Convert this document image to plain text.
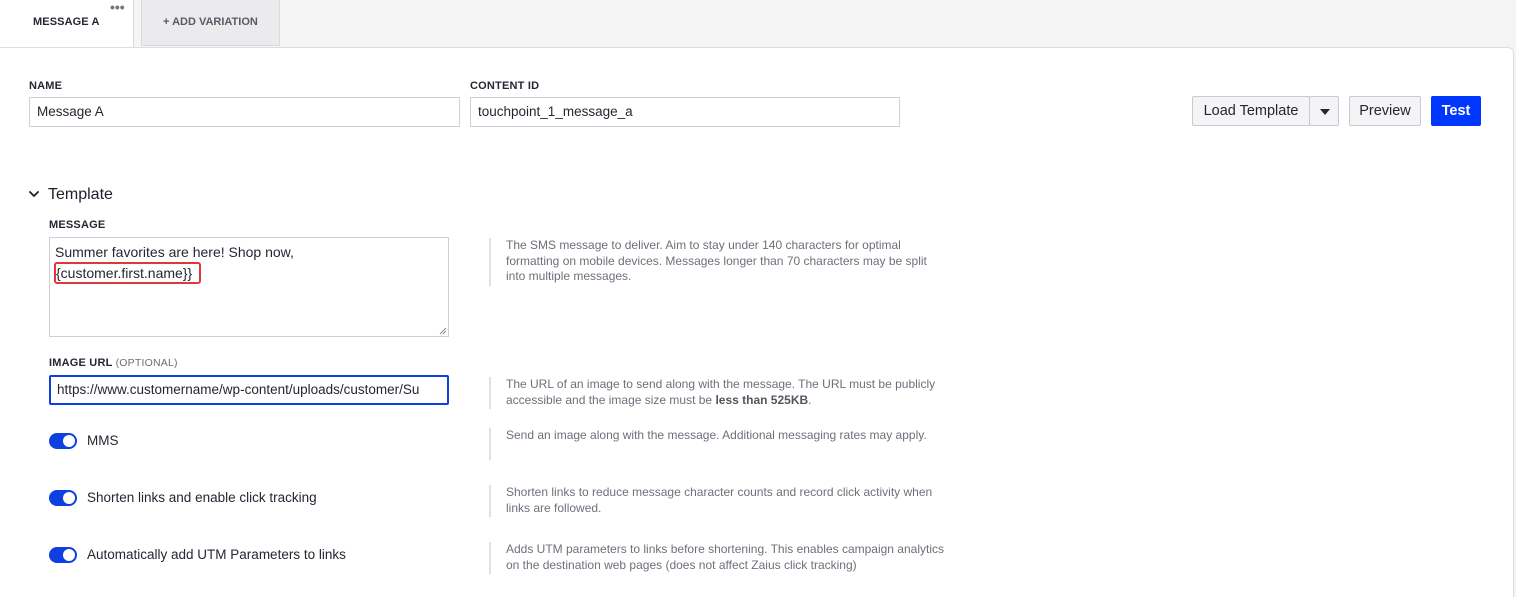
MESSAGE A
•••
+ ADD VARIATION
NAME
Message A
CONTENT ID
touchpoint_1_message_a	Load Template	Preview	Test
Template
MESSAGE
Summer favorites are here! Shop now,
{customer.first.name}}
The SMS message to deliver. Aim to stay under 140 characters for optimal formatting on mobile devices. Messages longer than 70 characters may be split into multiple messages.
IMAGE URL (OPTIONAL)
https://www.customername/wp-content/uploads/customer/Su	The URL of an image to send along with the message. The URL must be publicly accessible and the image size must be less than 525KB.
MMS	Send an image along with the message. Additional messaging rates may apply.
Shorten links and enable click tracking	Shorten links to reduce message character counts and record click activity when links are followed.
Automatically add UTM Parameters to links	Adds UTM parameters to links before shortening. This enables campaign analytics on the destination web pages (does not affect Zaius click tracking)
